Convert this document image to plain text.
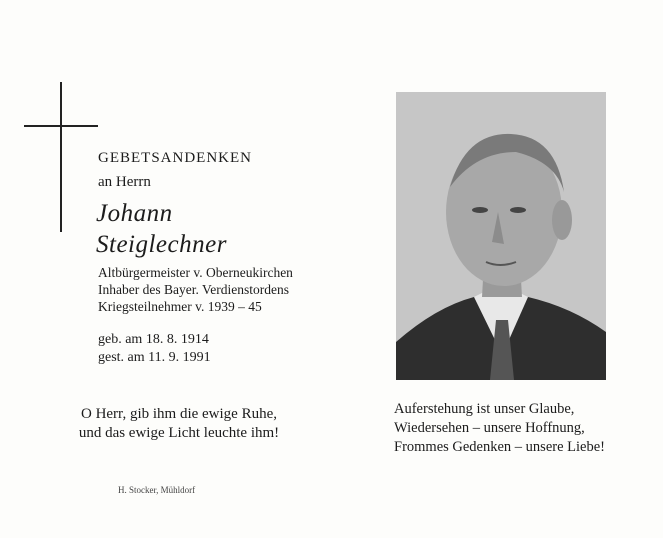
GEBETSANDENKEN
an Herrn
Johann
Steiglechner
Altbürgermeister v. Oberneukirchen
Inhaber des Bayer. Verdienstordens
Kriegsteilnehmer v. 1939 – 45
geb. am 18. 8. 1914
gest. am 11. 9. 1991
O Herr, gib ihm die ewige Ruhe,
und das ewige Licht leuchte ihm!
H. Stocker, Mühldorf
Auferstehung ist unser Glaube,
Wiedersehen – unsere Hoffnung,
Frommes Gedenken – unsere Liebe!
